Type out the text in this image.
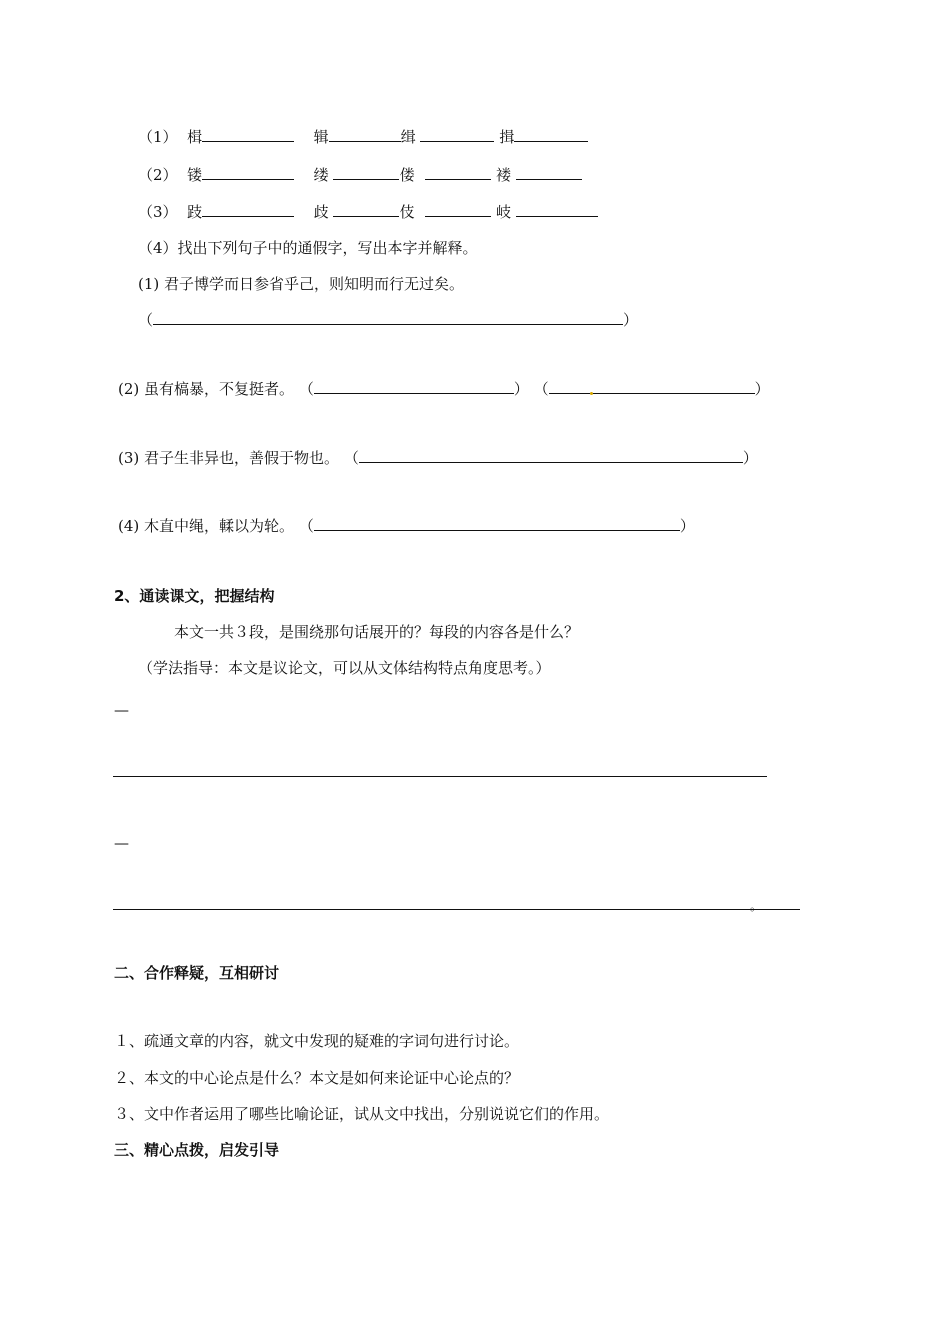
（1） 楫	辑	缉	揖
（2） 镂	缕	偻	褛
（3） 跂	歧	伎	岐
（4）找出下列句子中的通假字，写出本字并解释。
(1) 君子博学而日参省乎己，则知明而行无过矣。
（	）
(2) 虽有槁暴，不复挺者。 （	） （	）
(3) 君子生非异也，善假于物也。 （	）
(4) 木直中绳，輮以为轮。 （	）
2、通读课文，把握结构
本文一共３段，是围绕那句话展开的？每段的内容各是什么？
（学法指导：本文是议论文，可以从文体结构特点角度思考。）
—
—
。
二、合作释疑，互相研讨
１、疏通文章的内容，就文中发现的疑难的字词句进行讨论。
２、本文的中心论点是什么？本文是如何来论证中心论点的？
３、文中作者运用了哪些比喻论证，试从文中找出，分别说说它们的作用。
三、精心点拨，启发引导
